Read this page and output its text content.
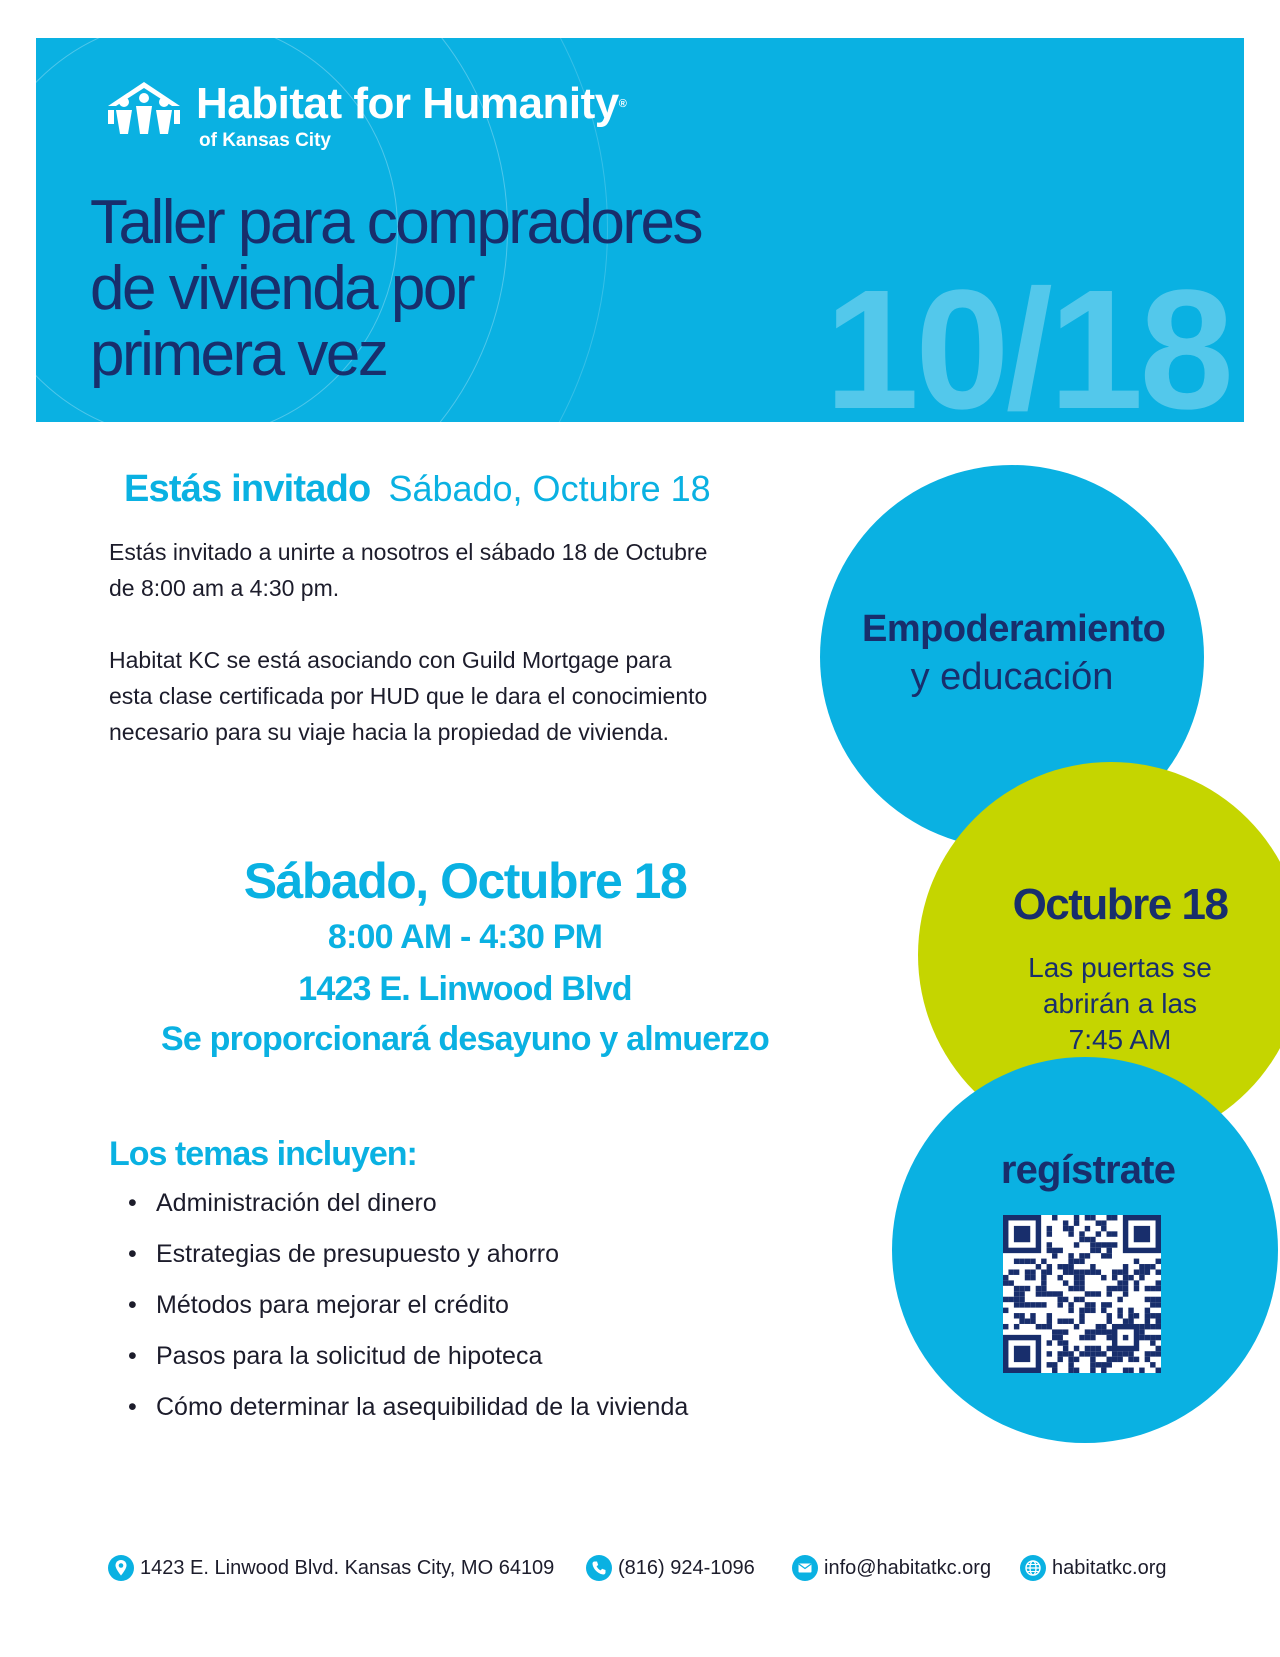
Habitat for Humanity®
of Kansas City
Taller para compradores
de vivienda por
primera vez	10/18
Estás invitado Sábado, Octubre 18
Estás invitado a unirte a nosotros el sábado 18 de Octubre
de 8:00 am a 4:30 pm.
Habitat KC se está asociando con Guild Mortgage para
esta clase certificada por HUD que le dara el conocimiento
necesario para su viaje hacia la propiedad de vivienda.
Sábado, Octubre 18
8:00 AM - 4:30 PM
1423 E. Linwood Blvd
Se proporcionará desayuno y almuerzo
Los temas incluyen:
• Administración del dinero
• Estrategias de presupuesto y ahorro
• Métodos para mejorar el crédito
• Pasos para la solicitud de hipoteca
• Cómo determinar la asequibilidad de la vivienda
Empoderamiento
y educación
Octubre 18
Las puertas se
abrirán a las
7:45 AM
regístrate
1423 E. Linwood Blvd. Kansas City, MO 64109	(816) 924-1096	info@habitatkc.org	habitatkc.org
